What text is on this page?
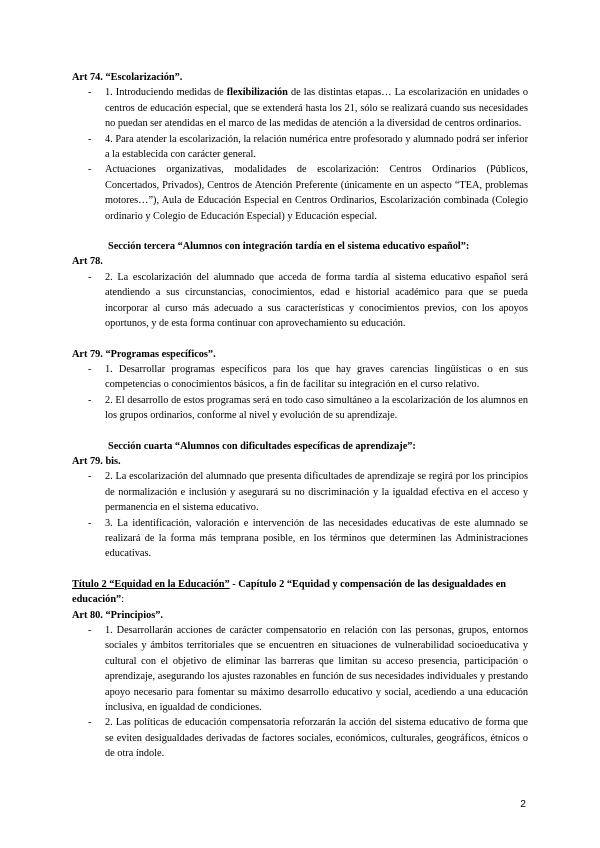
Art 74. “Escolarización”.

- 1. Introduciendo medidas de flexibilización de las distintas etapas… La escolarización en unidades o centros de educación especial, que se extenderá hasta los 21, sólo se realizará cuando sus necesidades no puedan ser atendidas en el marco de las medidas de atención a la diversidad de centros ordinarios.
- 4. Para atender la escolarización, la relación numérica entre profesorado y alumnado podrá ser inferior a la establecida con carácter general.
- Actuaciones organizativas, modalidades de escolarización: Centros Ordinarios (Públicos, Concertados, Privados), Centros de Atención Preferente (únicamente en un aspecto “TEA, problemas motores…”), Aula de Educación Especial en Centros Ordinarios, Escolarización combinada (Colegio ordinario y Colegio de Educación Especial) y Educación especial.

Sección tercera “Alumnos con integración tardía en el sistema educativo español”:

Art 78.

- 2. La escolarización del alumnado que acceda de forma tardía al sistema educativo español será atendiendo a sus circunstancias, conocimientos, edad e historial académico para que se pueda incorporar al curso más adecuado a sus características y conocimientos previos, con los apoyos oportunos, y de esta forma continuar con aprovechamiento su educación.

Art 79. “Programas específicos”.

- 1. Desarrollar programas específicos para los que hay graves carencias lingüísticas o en sus competencias o conocimientos básicos, a fin de facilitar su integración en el curso relativo.
- 2. El desarrollo de estos programas será en todo caso simultáneo a la escolarización de los alumnos en los grupos ordinarios, conforme al nivel y evolución de su aprendizaje.

Sección cuarta “Alumnos con dificultades específicas de aprendizaje”:

Art 79. bis.

- 2. La escolarización del alumnado que presenta dificultades de aprendizaje se regirá por los principios de normalización e inclusión y asegurará su no discriminación y la igualdad efectiva en el acceso y permanencia en el sistema educativo.
- 3. La identificación, valoración e intervención de las necesidades educativas de este alumnado se realizará de la forma más temprana posible, en los términos que determinen las Administraciones educativas.

Título 2 “Equidad en la Educación” - Capítulo 2 “Equidad y compensación de las desigualdades en educación”:

Art 80. “Principios”.

- 1. Desarrollarán acciones de carácter compensatorio en relación con las personas, grupos, entornos sociales y ámbitos territoriales que se encuentren en situaciones de vulnerabilidad socioeducativa y cultural con el objetivo de eliminar las barreras que limitan su acceso presencia, participación o aprendizaje, asegurando los ajustes razonables en función de sus necesidades individuales y prestando apoyo necesario para fomentar su máximo desarrollo educativo y social, acediendo a una educación inclusiva, en igualdad de condiciones.
- 2. Las políticas de educación compensatoria reforzarán la acción del sistema educativo de forma que se eviten desigualdades derivadas de factores sociales, económicos, culturales, geográficos, étnicos o de otra índole.
2
